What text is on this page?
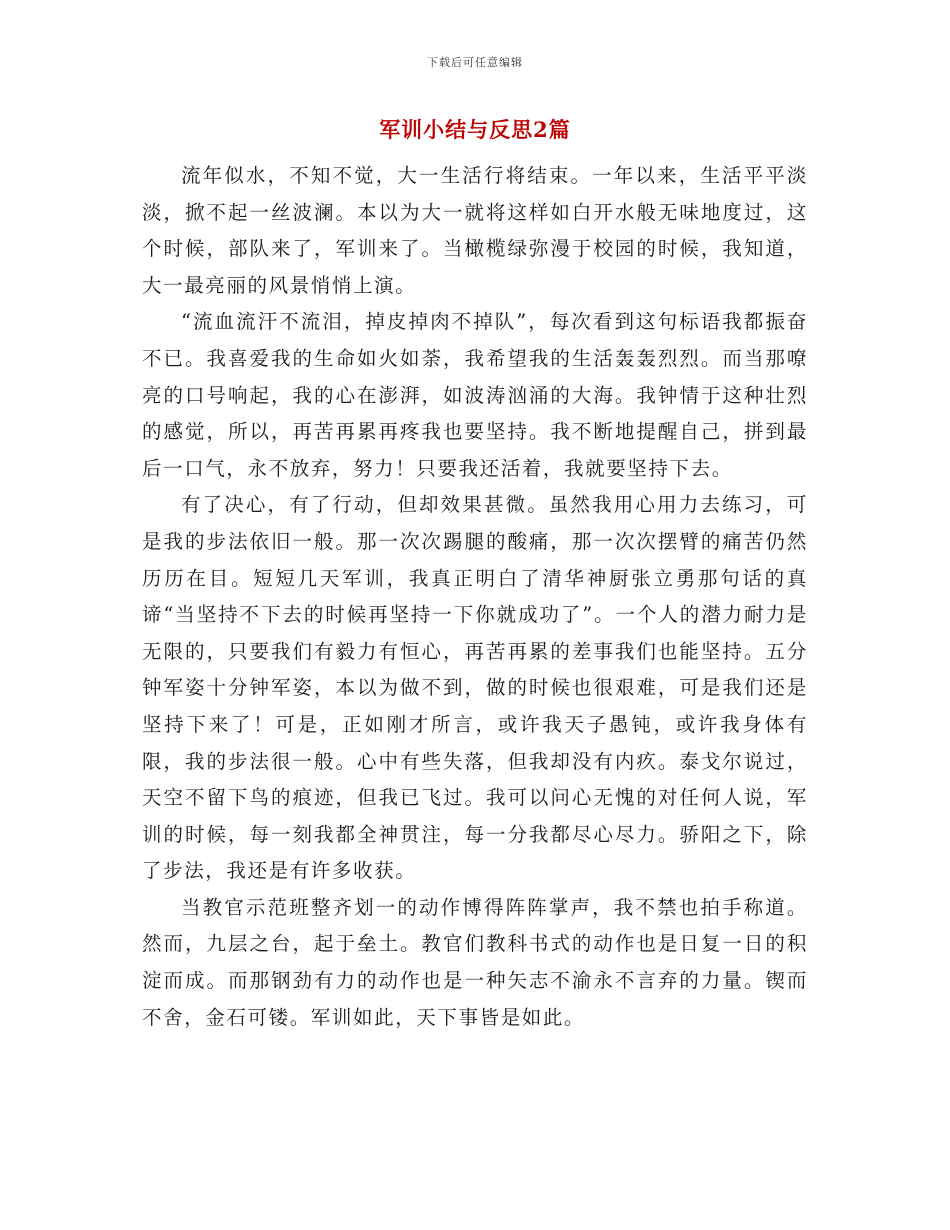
下载后可任意编辑
军训小结与反思2篇

流年似水，不知不觉，大一生活行将结束。一年以来，生活平平淡淡，掀不起一丝波澜。本以为大一就将这样如白开水般无味地度过，这个时候，部队来了，军训来了。当橄榄绿弥漫于校园的时候，我知道，大一最亮丽的风景悄悄上演。

“流血流汗不流泪，掉皮掉肉不掉队”，每次看到这句标语我都振奋不已。我喜爱我的生命如火如荼，我希望我的生活轰轰烈烈。而当那嘹亮的口号响起，我的心在澎湃，如波涛汹涌的大海。我钟情于这种壮烈的感觉，所以，再苦再累再疼我也要坚持。我不断地提醒自己，拼到最后一口气，永不放弃，努力！只要我还活着，我就要坚持下去。

有了决心，有了行动，但却效果甚微。虽然我用心用力去练习，可是我的步法依旧一般。那一次次踢腿的酸痛，那一次次摆臂的痛苦仍然历历在目。短短几天军训，我真正明白了清华神厨张立勇那句话的真谛“当坚持不下去的时候再坚持一下你就成功了”。一个人的潜力耐力是无限的，只要我们有毅力有恒心，再苦再累的差事我们也能坚持。五分钟军姿十分钟军姿，本以为做不到，做的时候也很艰难，可是我们还是坚持下来了！可是，正如刚才所言，或许我天子愚钝，或许我身体有限，我的步法很一般。心中有些失落，但我却没有内疚。泰戈尔说过，天空不留下鸟的痕迹，但我已飞过。我可以问心无愧的对任何人说，军训的时候，每一刻我都全神贯注，每一分我都尽心尽力。骄阳之下，除了步法，我还是有许多收获。

当教官示范班整齐划一的动作博得阵阵掌声，我不禁也拍手称道。然而，九层之台，起于垒土。教官们教科书式的动作也是日复一日的积淀而成。而那钢劲有力的动作也是一种矢志不渝永不言弃的力量。锲而不舍，金石可镂。军训如此，天下事皆是如此。
